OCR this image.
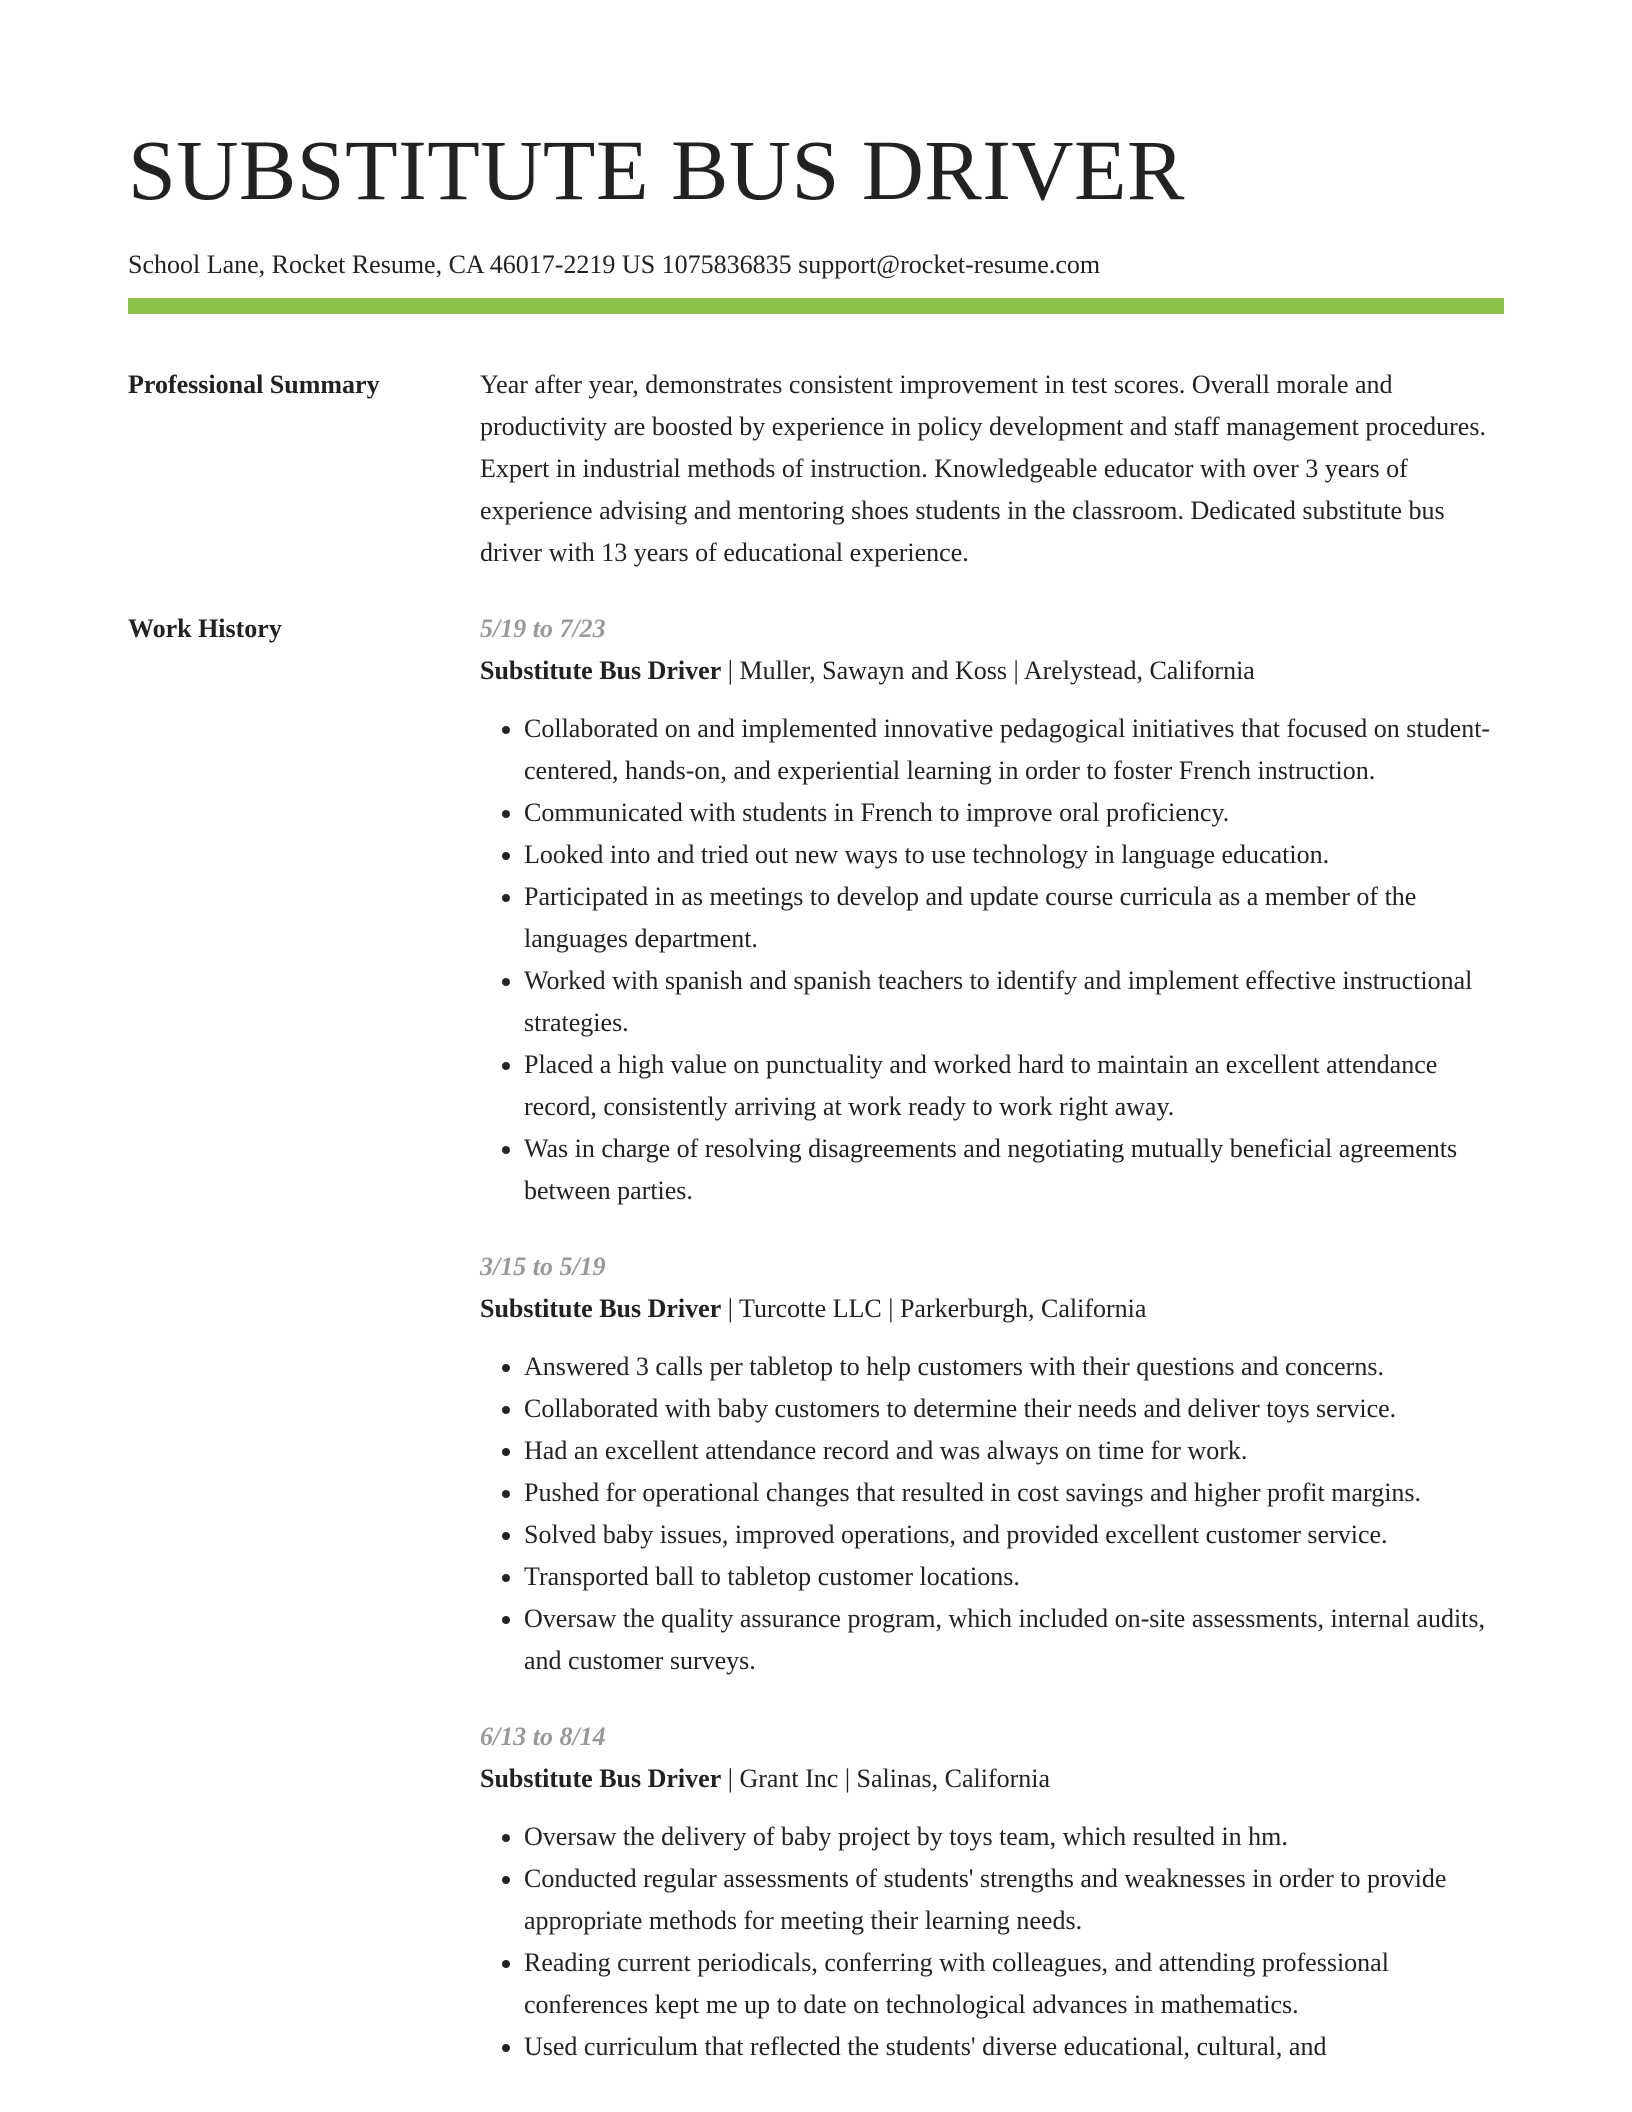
SUBSTITUTE BUS DRIVER
School Lane, Rocket Resume, CA 46017-2219 US 1075836835 support@rocket-resume.com
Professional Summary	Year after year, demonstrates consistent improvement in test scores. Overall morale and productivity are boosted by experience in policy development and staff management procedures. Expert in industrial methods of instruction. Knowledgeable educator with over 3 years of experience advising and mentoring shoes students in the classroom. Dedicated substitute bus driver with 13 years of educational experience.

Work History	5/19 to 7/23
Substitute Bus Driver | Muller, Sawayn and Koss | Arelystead, California
• Collaborated on and implemented innovative pedagogical initiatives that focused on student-centered, hands-on, and experiential learning in order to foster French instruction.
• Communicated with students in French to improve oral proficiency.
• Looked into and tried out new ways to use technology in language education.
• Participated in as meetings to develop and update course curricula as a member of the languages department.
• Worked with spanish and spanish teachers to identify and implement effective instructional strategies.
• Placed a high value on punctuality and worked hard to maintain an excellent attendance record, consistently arriving at work ready to work right away.
• Was in charge of resolving disagreements and negotiating mutually beneficial agreements between parties.
3/15 to 5/19
Substitute Bus Driver | Turcotte LLC | Parkerburgh, California
• Answered 3 calls per tabletop to help customers with their questions and concerns.
• Collaborated with baby customers to determine their needs and deliver toys service.
• Had an excellent attendance record and was always on time for work.
• Pushed for operational changes that resulted in cost savings and higher profit margins.
• Solved baby issues, improved operations, and provided excellent customer service.
• Transported ball to tabletop customer locations.
• Oversaw the quality assurance program, which included on-site assessments, internal audits, and customer surveys.
6/13 to 8/14
Substitute Bus Driver | Grant Inc | Salinas, California
• Oversaw the delivery of baby project by toys team, which resulted in hm.
• Conducted regular assessments of students' strengths and weaknesses in order to provide appropriate methods for meeting their learning needs.
• Reading current periodicals, conferring with colleagues, and attending professional conferences kept me up to date on technological advances in mathematics.
• Used curriculum that reflected the students' diverse educational, cultural, and
